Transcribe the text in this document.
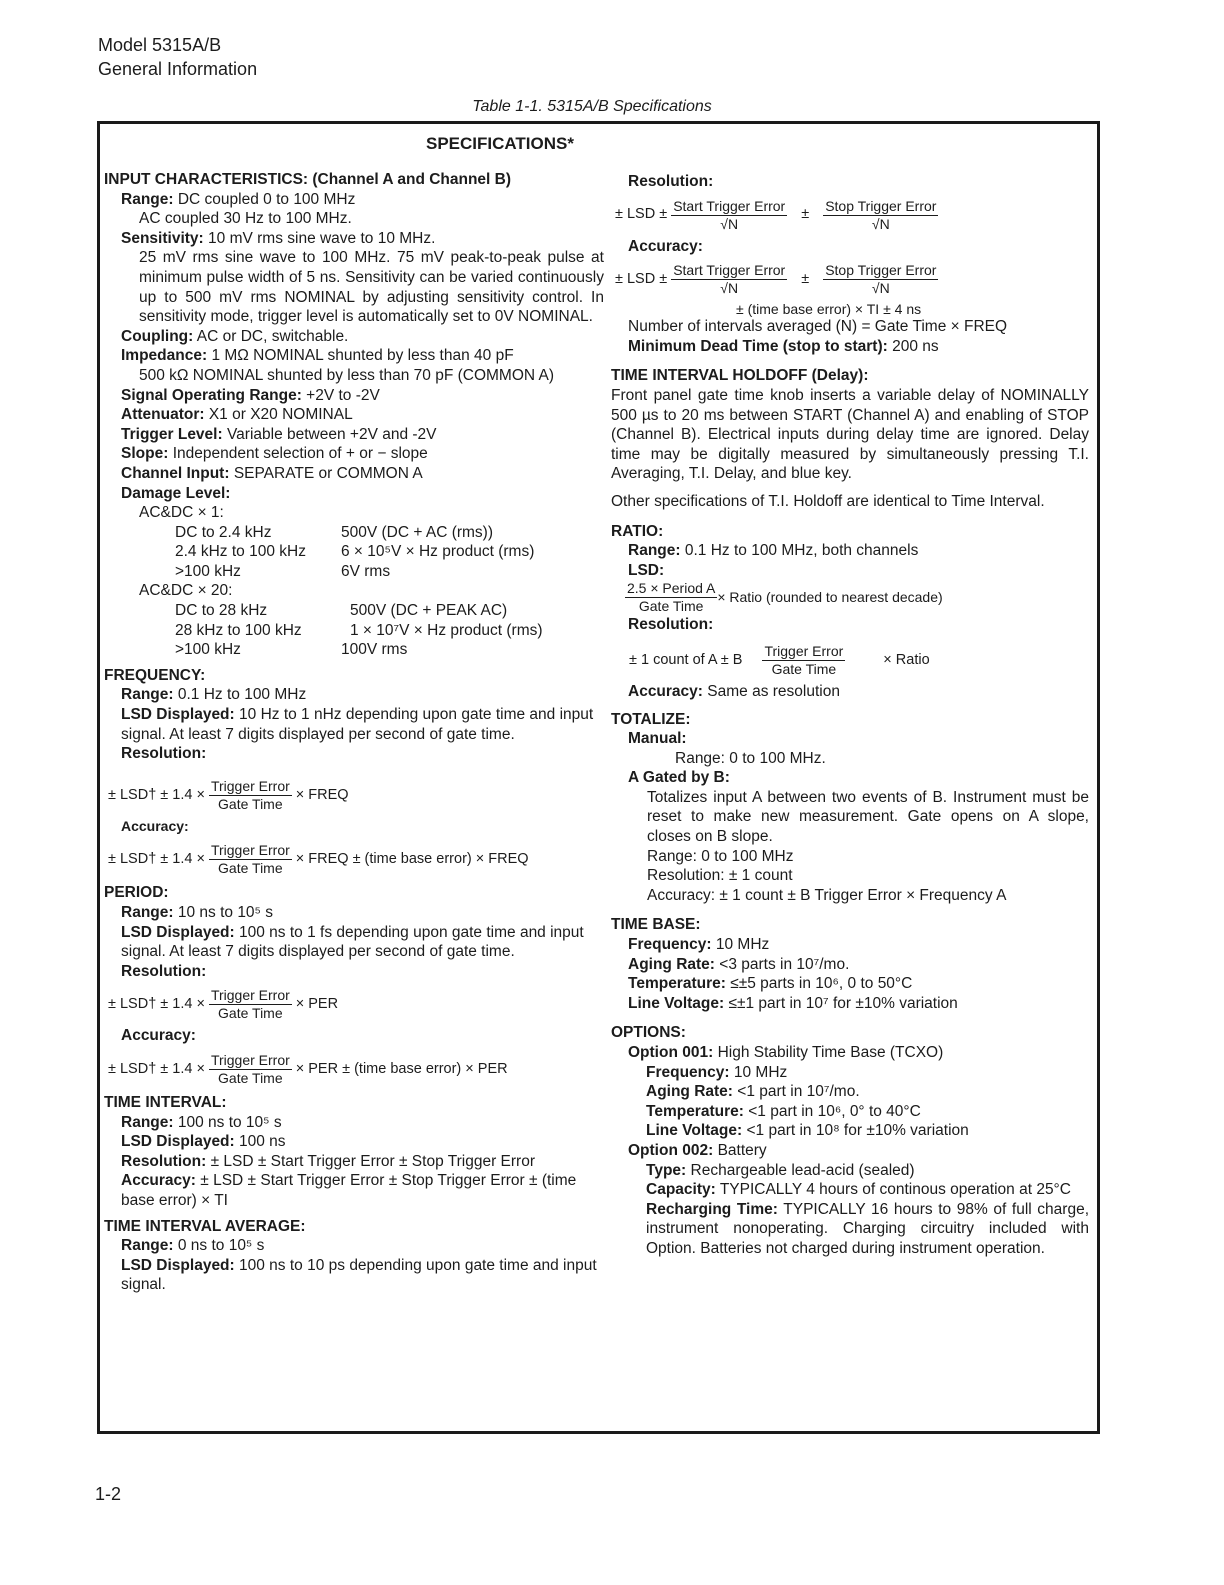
Model 5315A/B
General Information
Table 1-1. 5315A/B Specifications
SPECIFICATIONS*

INPUT CHARACTERISTICS: (Channel A and Channel B)

Range: DC coupled 0 to 100 MHz

AC coupled 30 Hz to 100 MHz.

Sensitivity: 10 mV rms sine wave to 10 MHz.

25 mV rms sine wave to 100 MHz. 75 mV peak-to-peak pulse at minimum pulse width of 5 ns. Sensitivity can be varied continuously up to 500 mV rms NOMINAL by adjusting sensitivity control. In sensitivity mode, trigger level is automatically set to 0V NOMINAL.

Coupling: AC or DC, switchable.

Impedance: 1 MΩ NOMINAL shunted by less than 40 pF

500 kΩ NOMINAL shunted by less than 70 pF (COMMON A)

Signal Operating Range: +2V to -2V

Attenuator: X1 or X20 NOMINAL

Trigger Level: Variable between +2V and -2V

Slope: Independent selection of + or − slope

Channel Input: SEPARATE or COMMON A

Damage Level:

AC&DC × 1:

DC to 2.4 kHz	500V (DC + AC (rms))
2.4 kHz to 100 kHz	6 × 10⁵V × Hz product (rms)
>100 kHz	6V rms

AC&DC × 20:

DC to 28 kHz	500V (DC + PEAK AC)
28 kHz to 100 kHz	1 × 10⁷V × Hz product (rms)
>100 kHz	100V rms

FREQUENCY:

Range: 0.1 Hz to 100 MHz

LSD Displayed: 10 Hz to 1 nHz depending upon gate time and input signal. At least 7 digits displayed per second of gate time.

Resolution:

± LSD† ± $1.4 \times \frac{\text{Trigger Error}}{\text{Gate Time}}$ × FREQ

Accuracy:

± LSD† ± $1.4 \times \frac{\text{Trigger Error}}{\text{Gate Time}}$ × FREQ ± (time base error) × FREQ

PERIOD:

Range: 10 ns to 10⁵ s

LSD Displayed: 100 ns to 1 fs depending upon gate time and input signal. At least 7 digits displayed per second of gate time.

Resolution:

± LSD† ± $1.4 \times \frac{\text{Trigger Error}}{\text{Gate Time}}$ × PER

Accuracy:

± LSD† ± $1.4 \times \frac{\text{Trigger Error}}{\text{Gate Time}}$ × PER ± (time base error) × PER

TIME INTERVAL:

Range: 100 ns to 10⁵ s

LSD Displayed: 100 ns

Resolution: ± LSD ± Start Trigger Error ± Stop Trigger Error

Accuracy: ± LSD ± Start Trigger Error ± Stop Trigger Error ± (time base error) × TI

TIME INTERVAL AVERAGE:

Range: 0 ns to 10⁵ s

LSD Displayed: 100 ns to 10 ps depending upon gate time and input signal.

Resolution:

± LSD ± $\frac{\text{Start Trigger Error}}{√N} \pm \frac{\text{Stop Trigger Error}}{√N}$

Accuracy:

± LSD ± $\frac{\text{Start Trigger Error}}{√N} \pm \frac{\text{Stop Trigger Error}}{√N}$

± (time base error) × TI ± 4 ns

Number of intervals averaged (N) = Gate Time × FREQ

Minimum Dead Time (stop to start): 200 ns

TIME INTERVAL HOLDOFF (Delay):

Front panel gate time knob inserts a variable delay of NOMINALLY 500 µs to 20 ms between START (Channel A) and enabling of STOP (Channel B). Electrical inputs during delay time are ignored. Delay time may be digitally measured by simultaneously pressing T.I. Averaging, T.I. Delay, and blue key.

Other specifications of T.I. Holdoff are identical to Time Interval.

RATIO:

Range: 0.1 Hz to 100 MHz, both channels

LSD:

$\frac{\text{2.5 × Period A}}{\text{Gate Time}}$ × Ratio (rounded to nearest decade)

Resolution:

± 1 count of A ± B $\frac{\text{Trigger Error}}{\text{Gate Time}}$	× Ratio

Accuracy: Same as resolution

TOTALIZE:

Manual:

Range: 0 to 100 MHz.

A Gated by B:

Totalizes input A between two events of B. Instrument must be reset to make new measurement. Gate opens on A slope, closes on B slope.

Range: 0 to 100 MHz

Resolution: ± 1 count

Accuracy: ± 1 count ± B Trigger Error × Frequency A

TIME BASE:

Frequency: 10 MHz

Aging Rate: <3 parts in 10⁷/mo.

Temperature: ≤±5 parts in 10⁶, 0 to 50°C

Line Voltage: ≤±1 part in 10⁷ for ±10% variation

OPTIONS:

Option 001: High Stability Time Base (TCXO)

Frequency: 10 MHz

Aging Rate: <1 part in 10⁷/mo.

Temperature: <1 part in 10⁶, 0° to 40°C

Line Voltage: <1 part in 10⁸ for ±10% variation

Option 002: Battery

Type: Rechargeable lead-acid (sealed)

Capacity: TYPICALLY 4 hours of continous operation at 25°C

Recharging Time: TYPICALLY 16 hours to 98% of full charge, instrument nonoperating. Charging circuitry included with Option. Batteries not charged during instrument operation.

1-2
